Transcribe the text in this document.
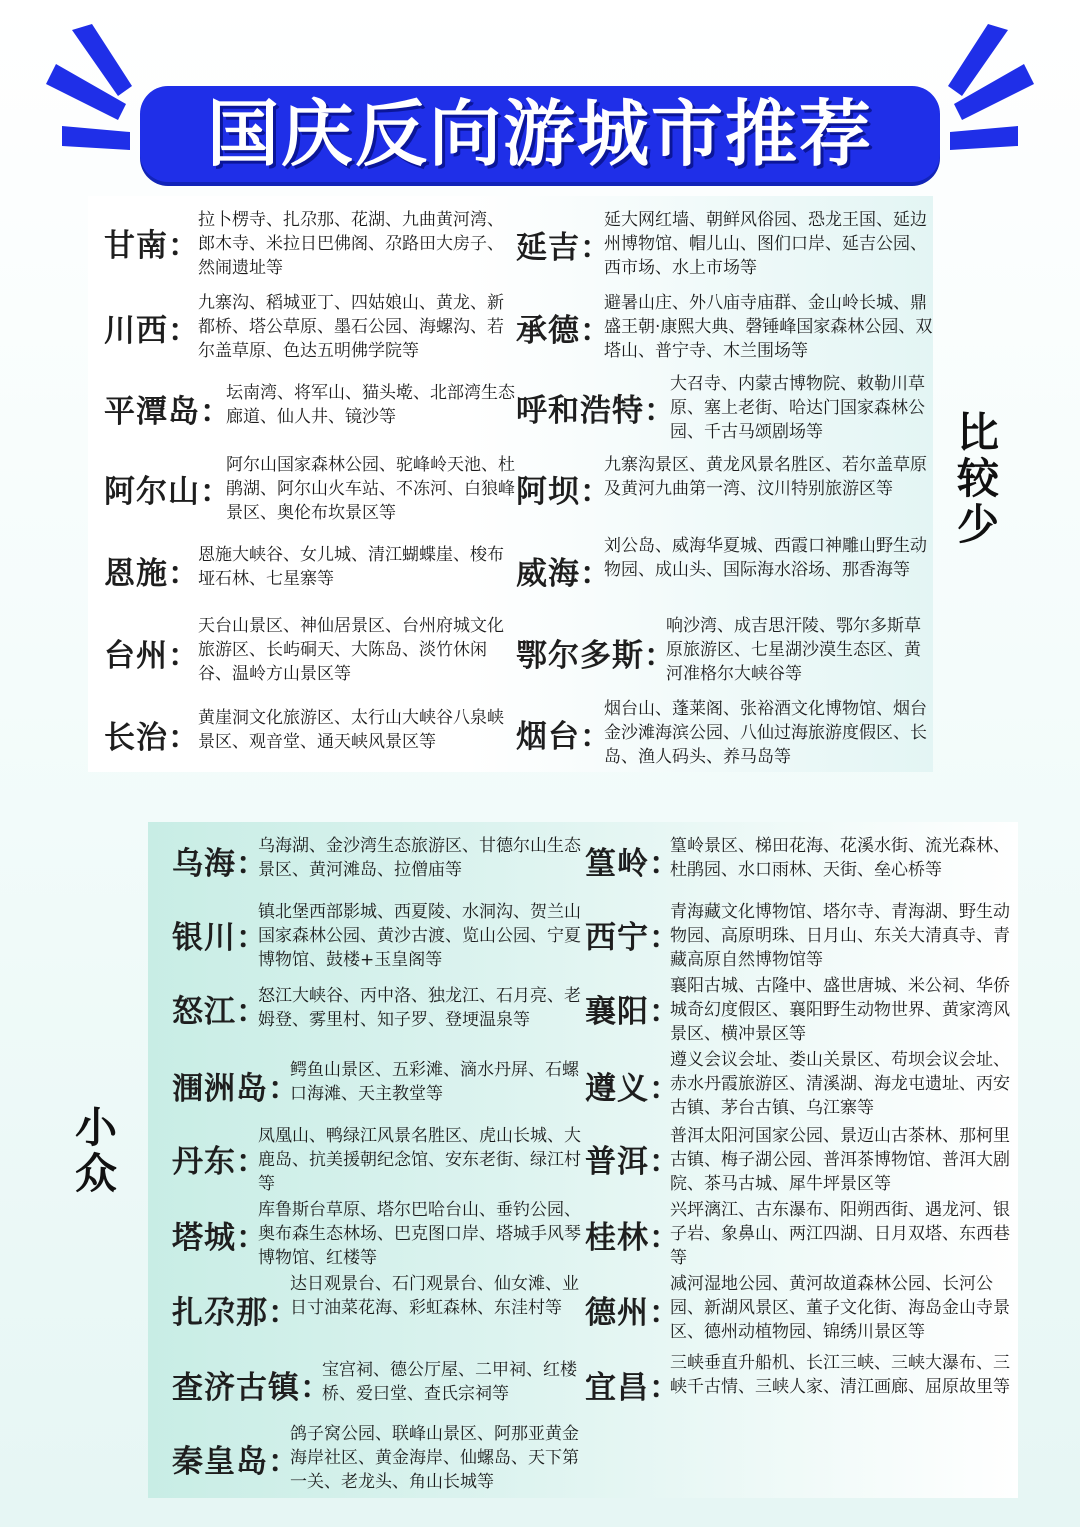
国庆反向游城市推荐
比较少
小众
甘南：
拉卜楞寺、扎尕那、花湖、九曲黄河湾、郎木寺、米拉日巴佛阁、尕路田大房子、然闹遗址等
川西：
九寨沟、稻城亚丁、四姑娘山、黄龙、新都桥、塔公草原、墨石公园、海螺沟、若尔盖草原、色达五明佛学院等
平潭岛：
坛南湾、将军山、猫头墘、北部湾生态廊道、仙人井、镜沙等
阿尔山：
阿尔山国家森林公园、驼峰岭天池、杜鹃湖、阿尔山火车站、不冻河、白狼峰景区、奥伦布坎景区等
恩施：
恩施大峡谷、女儿城、清江蝴蝶崖、梭布垭石林、七星寨等
台州：
天台山景区、神仙居景区、台州府城文化旅游区、长屿硐天、大陈岛、淡竹休闲谷、温岭方山景区等
长治：
黄崖洞文化旅游区、太行山大峡谷八泉峡景区、观音堂、通天峡风景区等
延吉：
延大网红墙、朝鲜风俗园、恐龙王国、延边州博物馆、帽儿山、图们口岸、延吉公园、西市场、水上市场等
承德：
避暑山庄、外八庙寺庙群、金山岭长城、鼎盛王朝·康熙大典、磬锤峰国家森林公园、双塔山、普宁寺、木兰围场等
呼和浩特：
大召寺、内蒙古博物院、敕勒川草原、塞上老街、哈达门国家森林公园、千古马颂剧场等
阿坝：
九寨沟景区、黄龙风景名胜区、若尔盖草原及黄河九曲第一湾、汶川特别旅游区等
威海：
刘公岛、威海华夏城、西霞口神雕山野生动物园、成山头、国际海水浴场、那香海等
鄂尔多斯：
响沙湾、成吉思汗陵、鄂尔多斯草原旅游区、七星湖沙漠生态区、黄河准格尔大峡谷等
烟台：
烟台山、蓬莱阁、张裕酒文化博物馆、烟台金沙滩海滨公园、八仙过海旅游度假区、长岛、渔人码头、养马岛等
乌海：
乌海湖、金沙湾生态旅游区、甘德尔山生态景区、黄河滩岛、拉僧庙等
银川：
镇北堡西部影城、西夏陵、水洞沟、贺兰山国家森林公园、黄沙古渡、览山公园、宁夏博物馆、鼓楼+玉皇阁等
怒江：
怒江大峡谷、丙中洛、独龙江、石月亮、老姆登、雾里村、知子罗、登埂温泉等
涠洲岛：
鳄鱼山景区、五彩滩、滴水丹屏、石螺口海滩、天主教堂等
丹东：
凤凰山、鸭绿江风景名胜区、虎山长城、大鹿岛、抗美援朝纪念馆、安东老街、绿江村等
塔城：
库鲁斯台草原、塔尔巴哈台山、垂钓公园、奥布森生态林场、巴克图口岸、塔城手风琴博物馆、红楼等
扎尕那：
达日观景台、石门观景台、仙女滩、业日寸油菜花海、彩虹森林、东洼村等
查济古镇：
宝宫祠、德公厅屋、二甲祠、红楼桥、爱曰堂、查氏宗祠等
秦皇岛：
鸽子窝公园、联峰山景区、阿那亚黄金海岸社区、黄金海岸、仙螺岛、天下第一关、老龙头、角山长城等
篁岭：
篁岭景区、梯田花海、花溪水街、流光森林、杜鹃园、水口雨林、天街、垒心桥等
西宁：
青海藏文化博物馆、塔尔寺、青海湖、野生动物园、高原明珠、日月山、东关大清真寺、青藏高原自然博物馆等
襄阳：
襄阳古城、古隆中、盛世唐城、米公祠、华侨城奇幻度假区、襄阳野生动物世界、黄家湾风景区、横冲景区等
遵义：
遵义会议会址、娄山关景区、苟坝会议会址、赤水丹霞旅游区、清溪湖、海龙屯遗址、丙安古镇、茅台古镇、乌江寨等
普洱：
普洱太阳河国家公园、景迈山古茶林、那柯里古镇、梅子湖公园、普洱茶博物馆、普洱大剧院、茶马古城、犀牛坪景区等
桂林：
兴坪漓江、古东瀑布、阳朔西街、遇龙河、银子岩、象鼻山、两江四湖、日月双塔、东西巷等
德州：
减河湿地公园、黄河故道森林公园、长河公园、新湖风景区、董子文化街、海岛金山寺景区、德州动植物园、锦绣川景区等
宜昌：
三峡垂直升船机、长江三峡、三峡大瀑布、三峡千古情、三峡人家、清江画廊、屈原故里等
